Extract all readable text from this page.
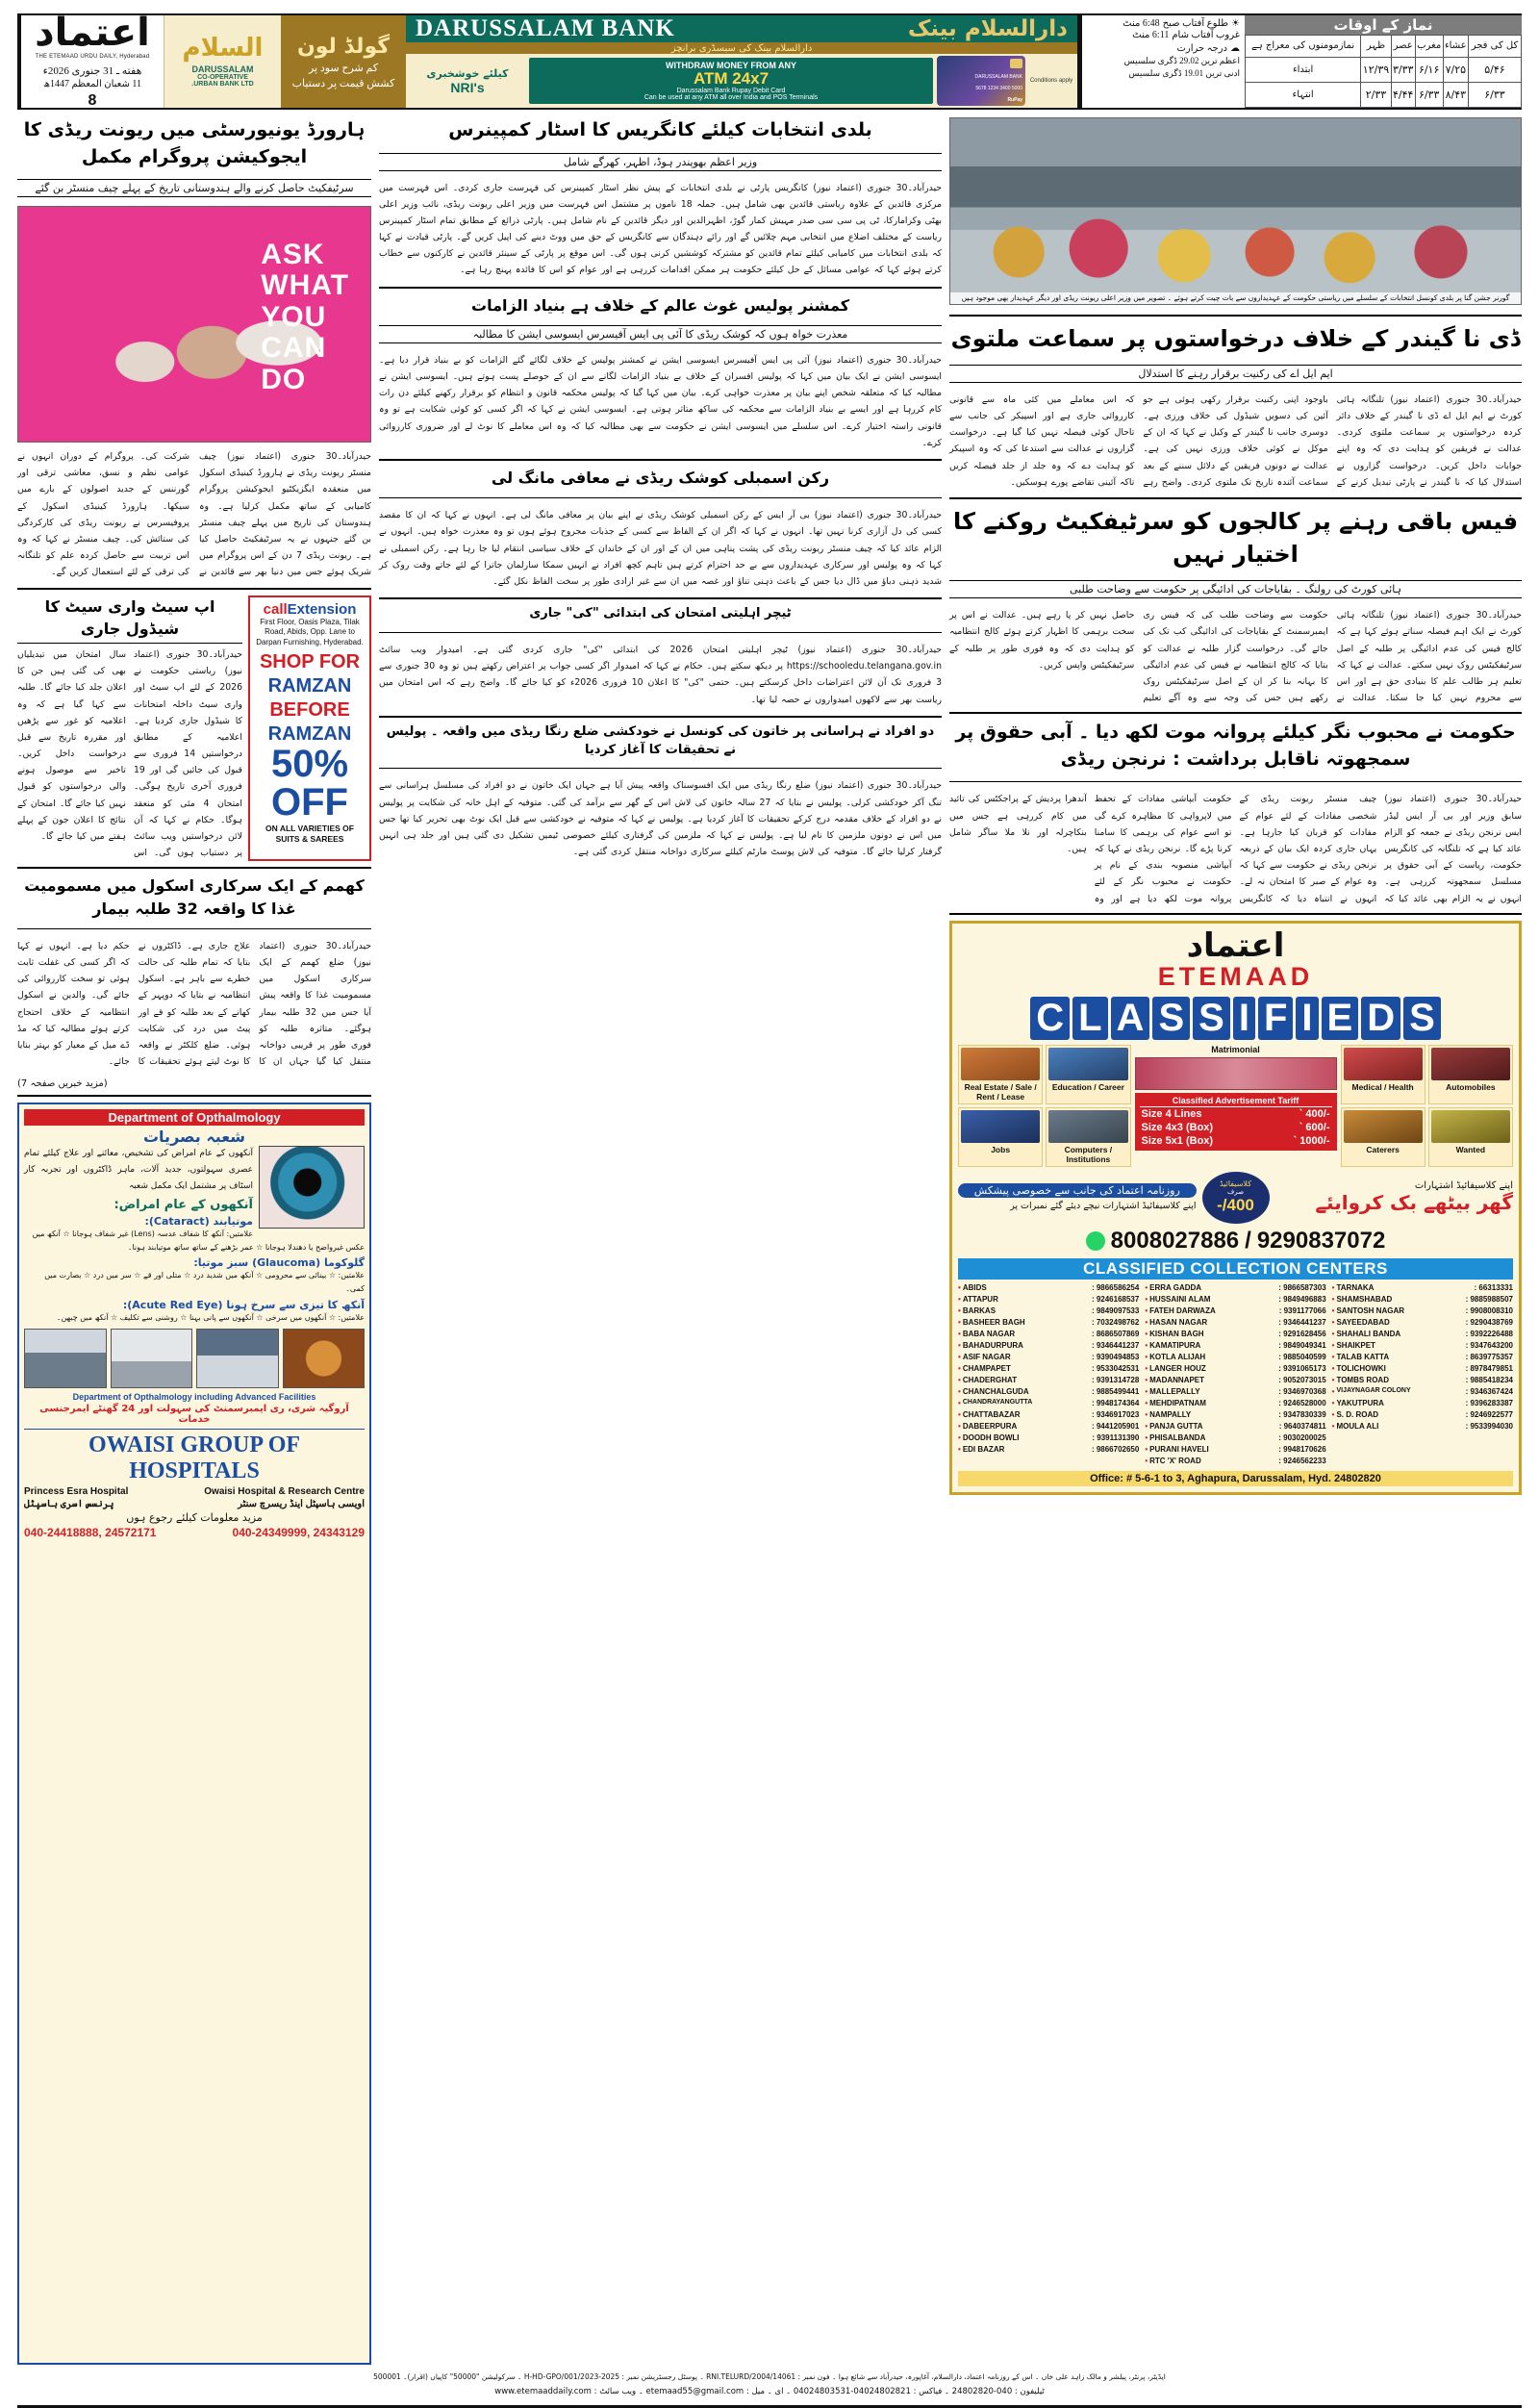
اعتماد
THE ETEMAAD URDU DAILY, Hyderabad
هفته ـ 31 جنوری 2026ء
11 شعبان المعظم 1447ھ
8
السلام
DARUSSALAM
CO-OPERATIVE
URBAN BANK LTD.
گولڈ لون
کم شرح سود پر
کشش قیمت پر دستیاب
دارالسلام بینک
DARUSSALAM BANK
دارالسلام بینک کی سبسڈری برانچز
کیلئے خوشخبری
NRI's
WITHDRAW MONEY FROM ANY
ATM 24x7
Darussalam Bank Rupay Debit Card
Can be used at any ATM all over India and POS Terminals
DARUSSALAM BANK
5000 3400 1234 5678
RuPay
Conditions apply
☀
طلوع آفتاب صبح
6:48 منٹ
غروب آفتاب شام
6:11 منٹ
☁
درجہ حرارت
اعظم ترین 29.02 ڈگری سلسیس
ادنی ترین 19.01 ڈگری سلسیس
نماز کے اوقات
کل کی فجر	عشاء	مغرب	عصر	ظہر	نمازمومنوں کی معراج ہے
۵/۴۶	۷/۲۵	۶/۱۶	۳/۳۳	۱۲/۳۹	ابتداء
۶/۳۳	۸/۴۳	۶/۳۳	۴/۴۴	۲/۳۳	انتہاء
ہارورڈ یونیورسٹی میں ریونت ریڈی کا ایجوکیشن پروگرام مکمل
سرٹیفکیٹ حاصل کرنے والے ہندوستانی تاریخ کے پہلے چیف منسٹر بن گئے
ASK
WHAT
YOU
CAN
DO

حیدرآباد۔30 جنوری (اعتماد نیوز) چیف منسٹر ریونت ریڈی نے ہارورڈ کینیڈی اسکول میں منعقدہ ایگزیکٹیو ایجوکیشن پروگرام کامیابی کے ساتھ مکمل کرلیا ہے۔ وہ ہندوستان کی تاریخ میں پہلے چیف منسٹر بن گئے جنہوں نے یہ سرٹیفکیٹ حاصل کیا ہے۔ ریونت ریڈی 7 دن کے اس پروگرام میں شریک ہوئے جس میں دنیا بھر سے قائدین نے شرکت کی۔ پروگرام کے دوران انہوں نے عوامی نظم و نسق، معاشی ترقی اور گورننس کے جدید اصولوں کے بارے میں سیکھا۔ ہارورڈ کینیڈی اسکول کے پروفیسرس نے ریونت ریڈی کی کارکردگی کی ستائش کی۔ چیف منسٹر نے کہا کہ وہ اس تربیت سے حاصل کردہ علم کو تلنگانہ کی ترقی کے لئے استعمال کریں گے۔

اپ سیٹ واری سیٹ کا شیڈول جاری

حیدرآباد۔30 جنوری (اعتماد نیوز) ریاستی حکومت نے 2026 کے لئے اپ سیٹ اور واری سیٹ داخلہ امتحانات کا شیڈول جاری کردیا ہے۔ اعلامیہ کے مطابق درخواستیں 14 فروری سے قبول کی جائیں گی اور 19 فروری آخری تاریخ ہوگی۔ امتحان 4 مئی کو منعقد ہوگا۔ حکام نے کہا کہ آن لائن درخواستیں ویب سائٹ پر دستیاب ہوں گی۔ اس سال امتحان میں تبدیلیاں بھی کی گئی ہیں جن کا اعلان جلد کیا جائے گا۔ طلبہ سے کہا گیا ہے کہ وہ اعلامیہ کو غور سے پڑھیں اور مقررہ تاریخ سے قبل درخواست داخل کریں۔ تاخیر سے موصول ہونے والی درخواستوں کو قبول نہیں کیا جائے گا۔ امتحان کے نتائج کا اعلان جون کے پہلے ہفتے میں کیا جائے گا۔

callExtension
First Floor, Oasis Plaza, Tilak Road, Abids, Opp. Lane to Darpan Furnishing, Hyderabad.
SHOP FOR
RAMZAN
BEFORE
RAMZAN
50% OFF
ON ALL VARIETIES OF SUITS & SAREES
کھمم کے ایک سرکاری اسکول میں مسمومیت غذا کا واقعہ 32 طلبہ بیمار

حیدرآباد۔30 جنوری (اعتماد نیوز) ضلع کھمم کے ایک سرکاری اسکول میں مسمومیت غذا کا واقعہ پیش آیا جس میں 32 طلبہ بیمار ہوگئے۔ متاثرہ طلبہ کو فوری طور پر قریبی دواخانہ منتقل کیا گیا جہاں ان کا علاج جاری ہے۔ ڈاکٹروں نے بتایا کہ تمام طلبہ کی حالت خطرے سے باہر ہے۔ اسکول انتظامیہ نے بتایا کہ دوپہر کے کھانے کے بعد طلبہ کو قے اور پیٹ میں درد کی شکایت ہوئی۔ ضلع کلکٹر نے واقعہ کا نوٹ لیتے ہوئے تحقیقات کا حکم دیا ہے۔ انہوں نے کہا کہ اگر کسی کی غفلت ثابت ہوئی تو سخت کارروائی کی جائے گی۔ والدین نے اسکول انتظامیہ کے خلاف احتجاج کرتے ہوئے مطالبہ کیا کہ مڈ ڈے میل کے معیار کو بہتر بنایا جائے۔

(مزید خبریں صفحہ 7)
Department of Opthalmology
شعبہ بصریات
آنکھوں کے عام امراض کی تشخیص، معائنے اور علاج کیلئے تمام عصری سہولتوں، جدید آلات، ماہر ڈاکٹروں اور تجربہ کار اسٹاف پر مشتمل ایک مکمل شعبہ
آنکھوں کے عام امراض:
موتیابند (Cataract):
علامتیں: آنکھ کا شفاف عدسہ (Lens) غیر شفاف ہوجانا ☆ آنکھ میں عکس غیرواضح یا دھندلا ہوجانا ☆ عمر بڑھنے کے ساتھ ساتھ موتیابند ہونا۔
گلوکوما (Glaucoma) سبز موتیا:
علامتیں: ☆ بینائی سے محرومی ☆ آنکھ میں شدید درد ☆ متلی اور قے ☆ سر میں درد ☆ بصارت میں کمی۔
آنکھ کا تیزی سے سرخ ہونا (Acute Red Eye):
علامتیں: ☆ آنکھوں میں سرخی ☆ آنکھوں سے پانی بہنا ☆ روشنی سے تکلیف ☆ آنکھ میں چبھن۔
Department of Opthalmology including Advanced Facilities
آروگیہ شری، ری ایمبرسمنٹ کی سہولت اور 24 گھنٹے ایمرجنسی خدمات
OWAISI GROUP OF HOSPITALS
Princess Esra Hospital	Owaisi Hospital & Research Centre
اویسی ہاسپٹل اینڈ ریسرچ سنٹر
پرنسس اسری ہاسپٹل
مزید معلومات کیلئے رجوع ہوں
040-24418888, 24572171	040-24349999, 24343129
بلدی انتخابات کیلئے کانگریس کا اسٹار کمپینرس
وزیر اعظم بھوپندر ہوڈ، اظہر، کھرگے شامل

حیدرآباد۔30 جنوری (اعتماد نیوز) کانگریس پارٹی نے بلدی انتخابات کے پیش نظر اسٹار کمپینرس کی فہرست جاری کردی۔ اس فہرست میں مرکزی قائدین کے علاوہ ریاستی قائدین بھی شامل ہیں۔ جملہ 18 ناموں پر مشتمل اس فہرست میں وزیر اعلی ریونت ریڈی، نائب وزیر اعلی بھٹی وکرامارکا، ٹی پی سی سی صدر مہیش کمار گوڑ، اظہرالدین اور دیگر قائدین کے نام شامل ہیں۔ پارٹی ذرائع کے مطابق تمام اسٹار کمپینرس ریاست کے مختلف اضلاع میں انتخابی مہم چلائیں گے اور رائے دہندگان سے کانگریس کے حق میں ووٹ دینے کی اپیل کریں گے۔ پارٹی قیادت نے کہا کہ بلدی انتخابات میں کامیابی کیلئے تمام قائدین کو مشترکہ کوششیں کرنی ہوں گی۔ اس موقع پر پارٹی کے سینئر قائدین نے کارکنوں سے خطاب کرتے ہوئے کہا کہ عوامی مسائل کے حل کیلئے حکومت ہر ممکن اقدامات کررہی ہے اور عوام کو اس کا فائدہ پہنچ رہا ہے۔

کمشنر پولیس غوث عالم کے خلاف ہے بنیاد الزامات
معذرت خواہ ہوں کہ کوشک ریڈی کا آئی پی ایس آفیسرس ایسوسی ایشن کا مطالبہ

حیدرآباد۔30 جنوری (اعتماد نیوز) آئی پی ایس آفیسرس ایسوسی ایشن نے کمشنر پولیس کے خلاف لگائے گئے الزامات کو بے بنیاد قرار دیا ہے۔ ایسوسی ایشن نے ایک بیان میں کہا کہ پولیس افسران کے خلاف بے بنیاد الزامات لگانے سے ان کے حوصلے پست ہوتے ہیں۔ ایسوسی ایشن نے مطالبہ کیا کہ متعلقہ شخص اپنے بیان پر معذرت خواہی کرے۔ بیان میں کہا گیا کہ پولیس محکمہ قانون و انتظام کو برقرار رکھنے کیلئے دن رات کام کررہا ہے اور ایسے بے بنیاد الزامات سے محکمہ کی ساکھ متاثر ہوتی ہے۔ ایسوسی ایشن نے کہا کہ اگر کسی کو کوئی شکایت ہے تو وہ قانونی راستہ اختیار کرے۔ اس سلسلے میں ایسوسی ایشن نے حکومت سے بھی مطالبہ کیا کہ وہ اس معاملے کا نوٹ لے اور ضروری کارروائی کرے۔

رکن اسمبلی کوشک ریڈی نے معافی مانگ لی

حیدرآباد۔30 جنوری (اعتماد نیوز) بی آر ایس کے رکن اسمبلی کوشک ریڈی نے اپنے بیان پر معافی مانگ لی ہے۔ انہوں نے کہا کہ ان کا مقصد کسی کی دل آزاری کرنا نہیں تھا۔ انہوں نے کہا کہ اگر ان کے الفاظ سے کسی کے جذبات مجروح ہوئے ہوں تو وہ معذرت خواہ ہیں۔ انہوں نے الزام عائد کیا کہ چیف منسٹر ریونت ریڈی کی پشت پناہی میں ان کے اور ان کے خاندان کے خلاف سیاسی انتقام لیا جا رہا ہے۔ رکن اسمبلی نے کہا کہ وہ پولیس اور سرکاری عہدیداروں سے بے حد احترام کرتے ہیں تاہم کچھ افراد نے انہیں سمکا سارلمان جاترا کے لئے جاتے وقت روک کر شدید ذہنی دباؤ میں ڈال دیا جس کے باعث ذہنی تناؤ اور غصہ میں ان سے غیر ارادی طور پر سخت الفاظ نکل گئے۔

ٹیچر اہلیتی امتحان کی ابتدائی "کی" جاری

حیدرآباد۔30 جنوری (اعتماد نیوز) ٹیچر اہلیتی امتحان 2026 کی ابتدائی "کی" جاری کردی گئی ہے۔ امیدوار ویب سائٹ https://schooledu.telangana.gov.in پر دیکھ سکتے ہیں۔ حکام نے کہا کہ امیدوار اگر کسی جواب پر اعتراض رکھتے ہیں تو وہ 30 جنوری سے 3 فروری تک آن لائن اعتراضات داخل کرسکتے ہیں۔ حتمی "کی" کا اعلان 10 فروری 2026ء کو کیا جائے گا۔ واضح رہے کہ اس امتحان میں ریاست بھر سے لاکھوں امیدواروں نے حصہ لیا تھا۔

دو افراد نے ہراسانی پر خاتون کی کونسل نے خودکشی ضلع رنگا ریڈی میں واقعہ ۔ پولیس نے تحقیقات کا آغاز کردیا

حیدرآباد۔30 جنوری (اعتماد نیوز) ضلع رنگا ریڈی میں ایک افسوسناک واقعہ پیش آیا ہے جہاں ایک خاتون نے دو افراد کی مسلسل ہراسانی سے تنگ آکر خودکشی کرلی۔ پولیس نے بتایا کہ 27 سالہ خاتون کی لاش اس کے گھر سے برآمد کی گئی۔ متوفیہ کے اہل خانہ کی شکایت پر پولیس نے دو افراد کے خلاف مقدمہ درج کرکے تحقیقات کا آغاز کردیا ہے۔ پولیس نے کہا کہ متوفیہ نے خودکشی سے قبل ایک نوٹ بھی تحریر کیا تھا جس میں اس نے دونوں ملزمین کا نام لیا ہے۔ پولیس نے کہا کہ ملزمین کی گرفتاری کیلئے خصوصی ٹیمیں تشکیل دی گئی ہیں اور جلد ہی انہیں گرفتار کرلیا جائے گا۔ متوفیہ کی لاش پوسٹ مارٹم کیلئے سرکاری دواخانہ منتقل کردی گئی ہے۔

گورنر جشن گنا پر بلدی کونسل انتخابات کے سلسلے میں ریاستی حکومت کے عہدیداروں سے بات چیت کرتے ہوئے ۔ تصویر میں وزیر اعلی ریونت ریڈی اور دیگر عہدیدار بھی موجود ہیں
ڈی نا گیندر کے خلاف درخواستوں پر سماعت ملتوی
ایم ایل اے کی رکنیت برقرار رہنے کا استدلال

حیدرآباد۔30 جنوری (اعتماد نیوز) تلنگانہ ہائی کورٹ نے ایم ایل اے ڈی نا گیندر کے خلاف دائر کردہ درخواستوں پر سماعت ملتوی کردی۔ عدالت نے فریقین کو ہدایت دی کہ وہ اپنے جوابات داخل کریں۔ درخواست گزاروں نے استدلال کیا کہ نا گیندر نے پارٹی تبدیل کرنے کے باوجود اپنی رکنیت برقرار رکھی ہوئی ہے جو آئین کی دسویں شیڈول کی خلاف ورزی ہے۔ دوسری جانب نا گیندر کے وکیل نے کہا کہ ان کے موکل نے کوئی خلاف ورزی نہیں کی ہے۔ عدالت نے دونوں فریقین کے دلائل سننے کے بعد سماعت آئندہ تاریخ تک ملتوی کردی۔ واضح رہے کہ اس معاملے میں کئی ماہ سے قانونی کارروائی جاری ہے اور اسپیکر کی جانب سے تاحال کوئی فیصلہ نہیں کیا گیا ہے۔ درخواست گزاروں نے عدالت سے استدعا کی کہ وہ اسپیکر کو ہدایت دے کہ وہ جلد از جلد فیصلہ کریں تاکہ آئینی تقاضے پورے ہوسکیں۔

فیس باقی رہنے پر کالجوں کو سرٹیفکیٹ روکنے کا اختیار نہیں
ہائی کورٹ کی رولنگ ۔ بقایاجات کی ادائیگی پر حکومت سے وضاحت طلبی

حیدرآباد۔30 جنوری (اعتماد نیوز) تلنگانہ ہائی کورٹ نے ایک اہم فیصلہ سناتے ہوئے کہا ہے کہ کالج فیس کی عدم ادائیگی پر طلبہ کے اصل سرٹیفکیٹس روک نہیں سکتے۔ عدالت نے کہا کہ تعلیم ہر طالب علم کا بنیادی حق ہے اور اس سے محروم نہیں کیا جا سکتا۔ عدالت نے حکومت سے وضاحت طلب کی کہ فیس ری ایمبرسمنٹ کے بقایاجات کی ادائیگی کب تک کی جائے گی۔ درخواست گزار طلبہ نے عدالت کو بتایا کہ کالج انتظامیہ نے فیس کی عدم ادائیگی کا بہانہ بنا کر ان کے اصل سرٹیفکیٹس روک رکھے ہیں جس کی وجہ سے وہ آگے تعلیم حاصل نہیں کر پا رہے ہیں۔ عدالت نے اس پر سخت برہمی کا اظہار کرتے ہوئے کالج انتظامیہ کو ہدایت دی کہ وہ فوری طور پر طلبہ کے سرٹیفکیٹس واپس کریں۔

حکومت نے محبوب نگر کیلئے پروانہ موت لکھ دیا ۔ آبی حقوق پر سمجھوتہ ناقابل برداشت : نرنجن ریڈی

حیدرآباد۔30 جنوری (اعتماد نیوز) سابق وزیر اور بی آر ایس لیڈر ایس نرنجن ریڈی نے جمعہ کو الزام عائد کیا ہے کہ تلنگانہ کی کانگریس حکومت، ریاست کے آبی حقوق پر مسلسل سمجھوتہ کررہی ہے۔ انہوں نے یہ الزام بھی عائد کیا کہ چیف منسٹر ریونت ریڈی کے شخصی مفادات کے لئے عوام کے مفادات کو قربان کیا جارہا ہے۔ یہاں جاری کردہ ایک بیان کے ذریعہ نرنجن ریڈی نے حکومت سے کہا کہ وہ عوام کے صبر کا امتحان نہ لے۔ انہوں نے انتباہ دیا کہ کانگریس حکومت آبپاشی مفادات کے تحفظ میں لاپرواہی کا مظاہرہ کرے گی تو اسے عوام کی برہمی کا سامنا کرنا پڑے گا۔ نرنجن ریڈی نے کہا کہ آبپاشی منصوبہ بندی کے نام پر حکومت نے محبوب نگر کے لئے پروانہ موت لکھ دیا ہے اور وہ آندھرا پردیش کے پراجکٹس کی تائید میں کام کررہی ہے جس میں بنکاچرلہ اور نلا ملا ساگر شامل ہیں۔

اعتماد
ETEMAAD
C L A S S I F I E D S
Real Estate / Sale / Rent / Lease
Education / Career
Jobs	Computers / Institutions
Matrimonial
Classified Advertisement Tariff
Size 4 Lines	` 400/-
Size 4x3 (Box)	` 600/-
Size 5x1 (Box)	` 1000/-
Medical / Health	Automobiles
Caterers	Wanted
روزنامہ اعتماد کی جانب سے خصوصی پیشکش
اپنے کلاسیفائیڈ اشتہارات نیچے دیئے گئے نمبرات پر
کلاسیفائیڈ
صرف
400/-
اپنے کلاسیفائیڈ اشتہارات
گھر بیٹھے بک کروایئے
8008027886 / 9290837072
CLASSIFIED COLLECTION CENTERS
• ABIDS	: 9866586254
• ATTAPUR	: 9246168537
• BARKAS	: 9849097533
• BASHEER BAGH	: 7032498762
• BABA NAGAR	: 8686507869
• BAHADURPURA	: 9346441237
• ASIF NAGAR	: 9390494853
• CHAMPAPET	: 9533042531
• CHADERGHAT	: 9391314728
• CHANCHALGUDA	: 9885499441
• CHANDRAYANGUTTA	: 9948174364
• CHATTABAZAR	: 9346917023
• DABEERPURA	: 9441205901
• DOODH BOWLI	: 9391131390
• EDI BAZAR	: 9866702650
• ERRA GADDA	: 9866587303
• HUSSAINI ALAM	: 9849496883
• FATEH DARWAZA	: 9391177066
• HASAN NAGAR	: 9346441237
• KISHAN BAGH	: 9291628456
• KAMATIPURA	: 9849049341
• KOTLA ALIJAH	: 9885040599
• LANGER HOUZ	: 9391065173
• MADANNAPET	: 9052073015
• MALLEPALLY	: 9346970368
• MEHDIPATNAM	: 9246528000
• NAMPALLY	: 9347830339
• PANJA GUTTA	: 9640374811
• PHISALBANDA	: 9030200025
• PURANI HAVELI	: 9948170626
• RTC 'X' ROAD	: 9246562233
• TARNAKA	: 66313331
• SHAMSHABAD	: 9885988507
• SANTOSH NAGAR	: 9908008310
• SAYEEDABAD	: 9290438769
• SHAHALI BANDA	: 9392226488
• SHAIKPET	: 9347643200
• TALAB KATTA	: 8639775357
• TOLICHOWKI	: 8978479851
• TOMBS ROAD	: 9885418234
• VIJAYNAGAR COLONY	: 9346367424
• YAKUTPURA	: 9396283387
• S. D. ROAD	: 9246922577
• MOULA ALI	: 9533994030
Office: # 5-6-1 to 3, Aghapura, Darussalam, Hyd. 24802820
ایڈیٹر، پرنٹر، پبلشر و مالک زاہد علی خاں ۔ اس کے روزنامہ اعتماد، دارالسلام، آغاپورہ، حیدرآباد سے شائع ہوا ۔ فون نمبر : RNI.TELURD/2004/14061 ۔ پوسٹل رجسٹریشن نمبر : H-HD-GPO/001/2023-2025 ۔ سرکولیشن "50000" کاپیاں (اقرار)۔ 500001
ٹیلیفون : 040-24802820 ۔ فیاکس : 04024802821-04024803531 ۔ ای ۔ میل : etemaad55@gmail.com ۔ ویب سائٹ : www.etemaaddaily.com
